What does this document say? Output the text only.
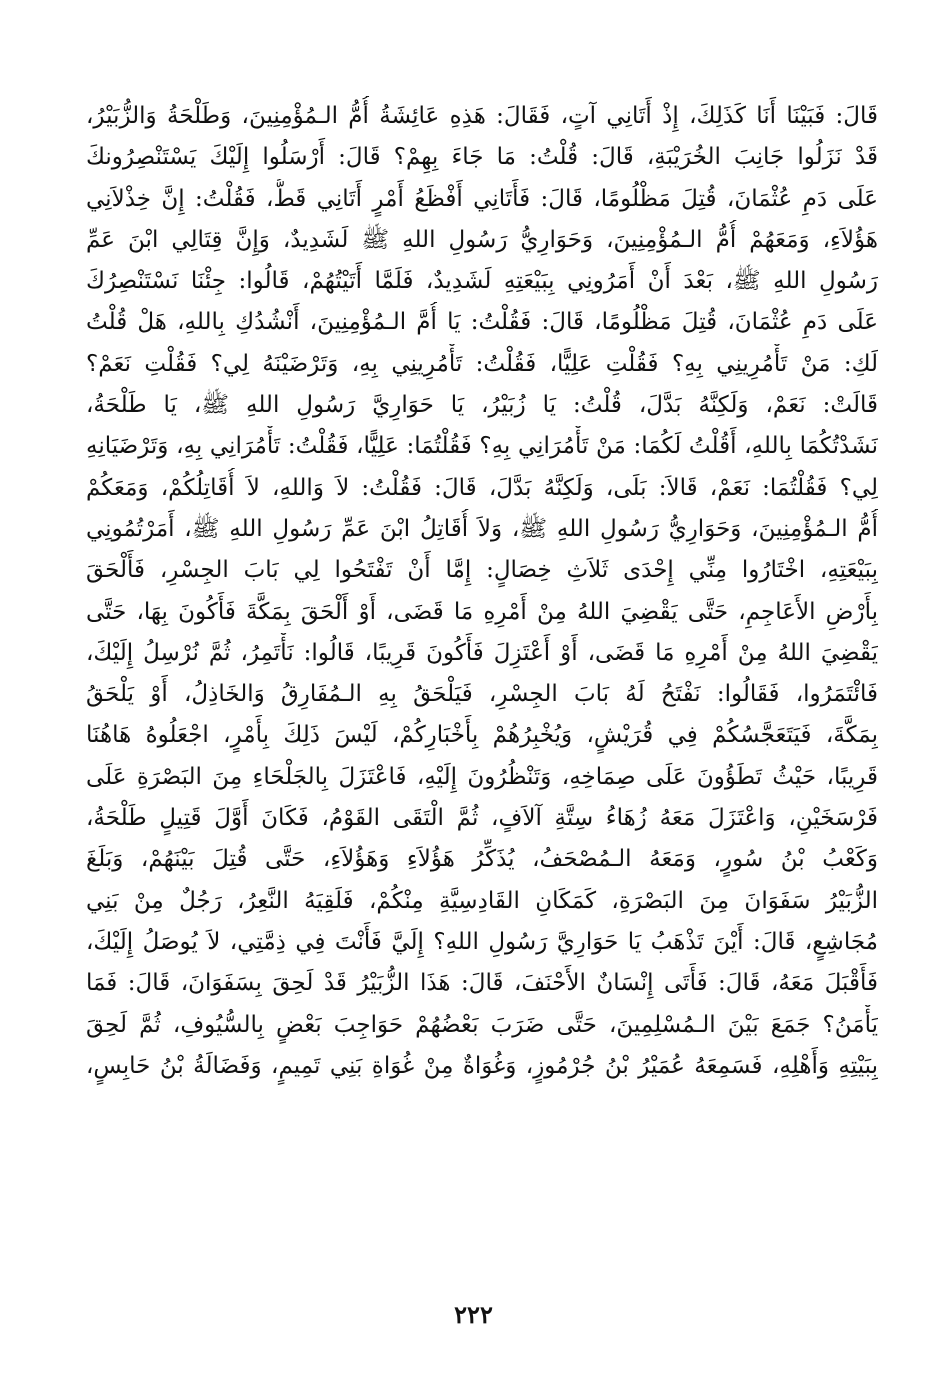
قَالَ: فَبَيْنَا أَنَا كَذَلِكَ، إِذْ أَتَانِي آتٍ، فَقَالَ: هَذِهِ عَائِشَةُ أُمُّ الـمُؤْمِنِينَ، وَطَلْحَةُ وَالزُّبَيْرُ،
قَدْ نَزَلُوا جَانِبَ الخُرَيْبَةِ، قَالَ: قُلْتُ: مَا جَاءَ بِهِمْ؟ قَالَ: أَرْسَلُوا إِلَيْكَ يَسْتَنْصِرُونكَ
عَلَى دَمِ عُثْمَانَ، قُتِلَ مَظْلُومًا، قَالَ: فَأَتَانِي أَفْظَعُ أَمْرٍ أَتَانِي قَطُّ، فَقُلْتُ: إِنَّ خِذْلاَنِي
هَؤُلاَءِ، وَمَعَهُمْ أُمُّ الـمُؤْمِنِينَ، وَحَوَارِيُّ رَسُولِ اللهِ ﷺ لَشَدِيدٌ، وَإِنَّ قِتَالِي ابْنَ عَمِّ
رَسُولِ اللهِ ﷺ، بَعْدَ أَنْ أَمَرُونِي بِبَيْعَتِهِ لَشَدِيدٌ، فَلَمَّا أَتَيْتُهُمْ، قَالُوا: جِئْنَا نَسْتَنْصِرُكَ
عَلَى دَمِ عُثْمَانَ، قُتِلَ مَظْلُومًا، قَالَ: فَقُلْتُ: يَا أُمَّ الـمُؤْمِنِينَ، أَنْشُدُكِ بِاللهِ، هَلْ قُلْتُ
لَكِ: مَنْ تَأْمُرِينِي بِهِ؟ فَقُلْتِ عَلِيًّا، فَقُلْتُ: تَأْمُرِينِي بِهِ، وَتَرْضَيْنَهُ لِي؟ فَقُلْتِ نَعَمْ؟
قَالَتْ: نَعَمْ، وَلَكِنَّهُ بَدَّلَ، قُلْتُ: يَا زُبَيْرُ، يَا حَوَارِيَّ رَسُولِ اللهِ ﷺ، يَا طَلْحَةُ،
نَشَدْتُكُمَا بِاللهِ، أَقُلْتُ لَكُمَا: مَنْ تَأْمُرَانِي بِهِ؟ فَقُلْتُمَا: عَلِيًّا، فَقُلْتُ: تَأْمُرَانِي بِهِ، وَتَرْضَيَانِهِ
لِي؟ فَقُلْتُمَا: نَعَمْ، قَالاَ: بَلَى، وَلَكِنَّهُ بَدَّلَ، قَالَ: فَقُلْتُ: لاَ وَاللهِ، لاَ أُقَاتِلُكُمْ، وَمَعَكُمْ
أُمُّ الـمُؤْمِنِينَ، وَحَوَارِيُّ رَسُولِ اللهِ ﷺ، وَلاَ أُقَاتِلُ ابْنَ عَمِّ رَسُولِ اللهِ ﷺ، أَمَرْتُمُونِي
بِبَيْعَتِهِ، اخْتَارُوا مِنِّي إِحْدَى ثَلاَثِ خِصَالٍ: إِمَّا أَنْ تَفْتَحُوا لِي بَابَ الجِسْرِ، فَأَلْحَقَ
بِأَرْضِ الأَعَاجِمِ، حَتَّى يَقْضِيَ اللهُ مِنْ أَمْرِهِ مَا قَضَى، أَوْ أَلْحَقَ بِمَكَّةَ فَأَكُونَ بِهَا، حَتَّى
يَقْضِيَ اللهُ مِنْ أَمْرِهِ مَا قَضَى، أَوْ أَعْتَزِلَ فَأَكُونَ قَرِيبًا، قَالُوا: نَأْتَمِرُ، ثُمَّ نُرْسِلُ إِلَيْكَ،
فَائْتَمَرُوا، فَقَالُوا: نَفْتَحُ لَهُ بَابَ الجِسْرِ، فَيَلْحَقُ بِهِ الـمُفَارِقُ وَالخَاذِلُ، أَوْ يَلْحَقُ
بِمَكَّةَ، فَيَتَعَجَّسُكُمْ فِي قُرَيْشٍ، وَيُخْبِرُهُمْ بِأَخْبَارِكُمْ، لَيْسَ ذَلِكَ بِأَمْرٍ، اجْعَلُوهُ هَاهُنَا
قَرِيبًا، حَيْثُ تَطَؤُونَ عَلَى صِمَاخِهِ، وَتَنْظُرُونَ إِلَيْهِ، فَاعْتَزَلَ بِالجَلْحَاءِ مِنَ البَصْرَةِ عَلَى
فَرْسَخَيْنِ، وَاعْتَزَلَ مَعَهُ زُهَاءُ سِتَّةِ آلاَفٍ، ثُمَّ الْتَقَى القَوْمُ، فَكَانَ أَوَّلَ قَتِيلٍ طَلْحَةُ،
وَكَعْبُ بْنُ سُورٍ، وَمَعَهُ الـمُصْحَفُ، يُذَكِّرُ هَؤُلاَءِ وَهَؤُلاَءِ، حَتَّى قُتِلَ بَيْنَهُمْ، وَبَلَغَ
الزُّبَيْرُ سَفَوَانَ مِنَ البَصْرَةِ، كَمَكَانِ القَادِسِيَّةِ مِنْكُمْ، فَلَقِيَهُ النَّعِرُ، رَجُلٌ مِنْ بَنِي
مُجَاشِعٍ، قَالَ: أَيْنَ تَذْهَبُ يَا حَوَارِيَّ رَسُولِ اللهِ؟ إِلَيَّ فَأَنْتَ فِي ذِمَّتِي، لاَ يُوصَلُ إِلَيْكَ،
فَأَقْبَلَ مَعَهُ، قَالَ: فَأَتَى إِنْسَانٌ الأَحْنَفَ، قَالَ: هَذَا الزُّبَيْرُ قَدْ لَحِقَ بِسَفَوَانَ، قَالَ: فَمَا
يَأْمَنُ؟ جَمَعَ بَيْنَ الـمُسْلِمِينَ، حَتَّى ضَرَبَ بَعْضُهُمْ حَوَاجِبَ بَعْضٍ بِالسُّيُوفِ، ثُمَّ لَحِقَ
بِبَيْتِهِ وَأَهْلِهِ، فَسَمِعَهُ عُمَيْرُ بْنُ جُرْمُوزٍ، وَغُوَاةٌ مِنْ غُوَاةِ بَنِي تَمِيمٍ، وَفَضَالَةُ بْنُ حَابِسٍ،
٢٢٢
